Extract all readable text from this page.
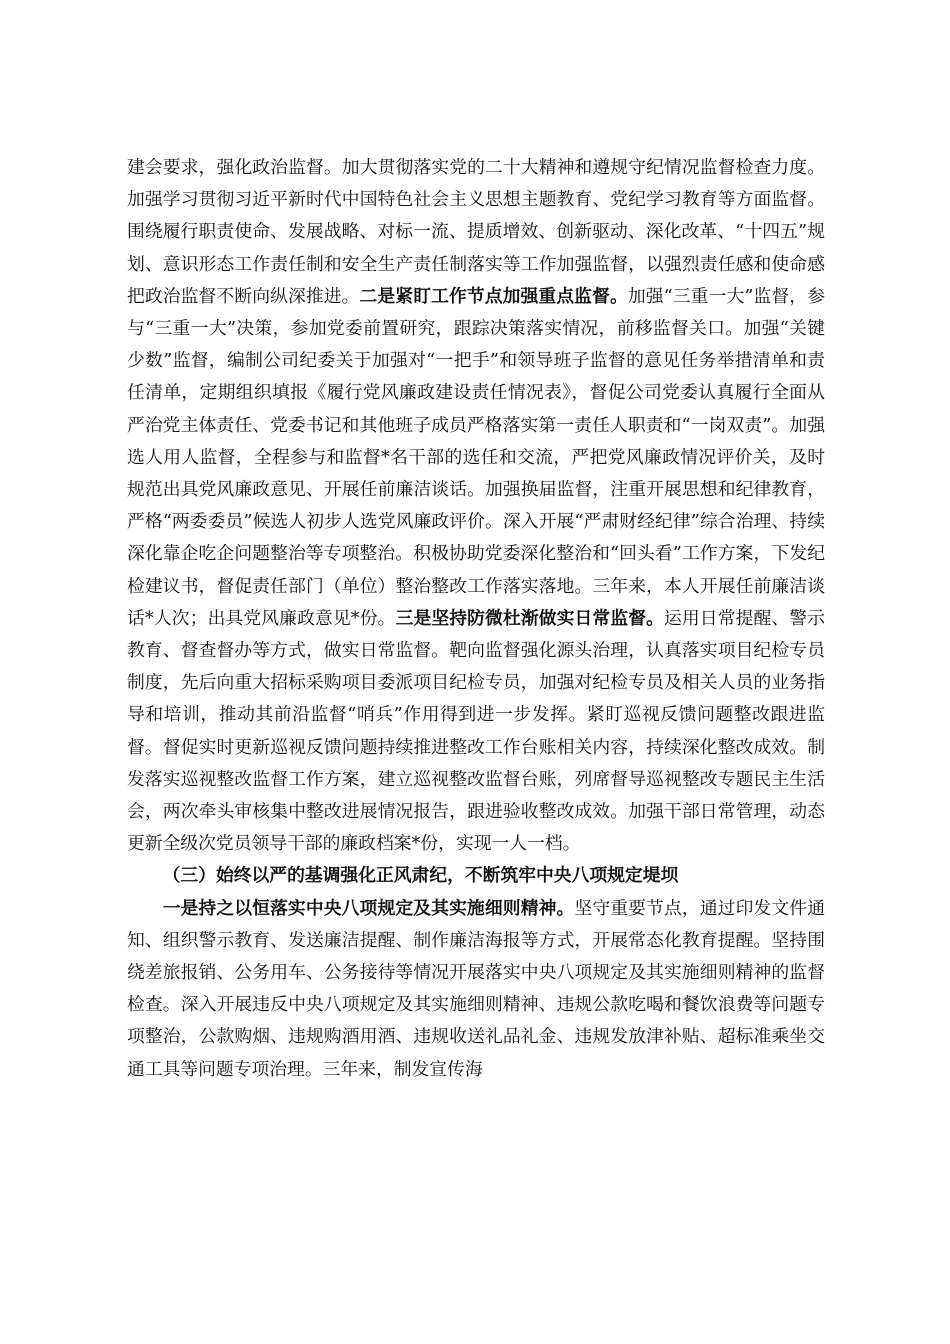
建会要求，强化政治监督。加大贯彻落实党的二十大精神和遵规守纪情况监督检查力度。加强学习贯彻习近平新时代中国特色社会主义思想主题教育、党纪学习教育等方面监督。围绕履行职责使命、发展战略、对标一流、提质增效、创新驱动、深化改革、“十四五”规划、意识形态工作责任制和安全生产责任制落实等工作加强监督，以强烈责任感和使命感把政治监督不断向纵深推进。二是紧盯工作节点加强重点监督。加强“三重一大”监督，参与“三重一大”决策，参加党委前置研究，跟踪决策落实情况，前移监督关口。加强“关键少数”监督，编制公司纪委关于加强对“一把手”和领导班子监督的意见任务举措清单和责任清单，定期组织填报《履行党风廉政建设责任情况表》，督促公司党委认真履行全面从严治党主体责任、党委书记和其他班子成员严格落实第一责任人职责和“一岗双责”。加强选人用人监督，全程参与和监督*名干部的选任和交流，严把党风廉政情况评价关，及时规范出具党风廉政意见、开展任前廉洁谈话。加强换届监督，注重开展思想和纪律教育，严格“两委委员”候选人初步人选党风廉政评价。深入开展“严肃财经纪律”综合治理、持续深化靠企吃企问题整治等专项整治。积极协助党委深化整治和“回头看”工作方案，下发纪检建议书，督促责任部门（单位）整治整改工作落实落地。三年来，本人开展任前廉洁谈话*人次；出具党风廉政意见*份。三是坚持防微杜渐做实日常监督。运用日常提醒、警示教育、督查督办等方式，做实日常监督。靶向监督强化源头治理，认真落实项目纪检专员制度，先后向重大招标采购项目委派项目纪检专员，加强对纪检专员及相关人员的业务指导和培训，推动其前沿监督“哨兵”作用得到进一步发挥。紧盯巡视反馈问题整改跟进监督。督促实时更新巡视反馈问题持续推进整改工作台账相关内容，持续深化整改成效。制发落实巡视整改监督工作方案，建立巡视整改监督台账，列席督导巡视整改专题民主生活会，两次牵头审核集中整改进展情况报告，跟进验收整改成效。加强干部日常管理，动态更新全级次党员领导干部的廉政档案*份，实现一人一档。

（三）始终以严的基调强化正风肃纪，不断筑牢中央八项规定堤坝

一是持之以恒落实中央八项规定及其实施细则精神。坚守重要节点，通过印发文件通知、组织警示教育、发送廉洁提醒、制作廉洁海报等方式，开展常态化教育提醒。坚持围绕差旅报销、公务用车、公务接待等情况开展落实中央八项规定及其实施细则精神的监督检查。深入开展违反中央八项规定及其实施细则精神、违规公款吃喝和餐饮浪费等问题专项整治，公款购烟、违规购酒用酒、违规收送礼品礼金、违规发放津补贴、超标准乘坐交通工具等问题专项治理。三年来，制发宣传海
